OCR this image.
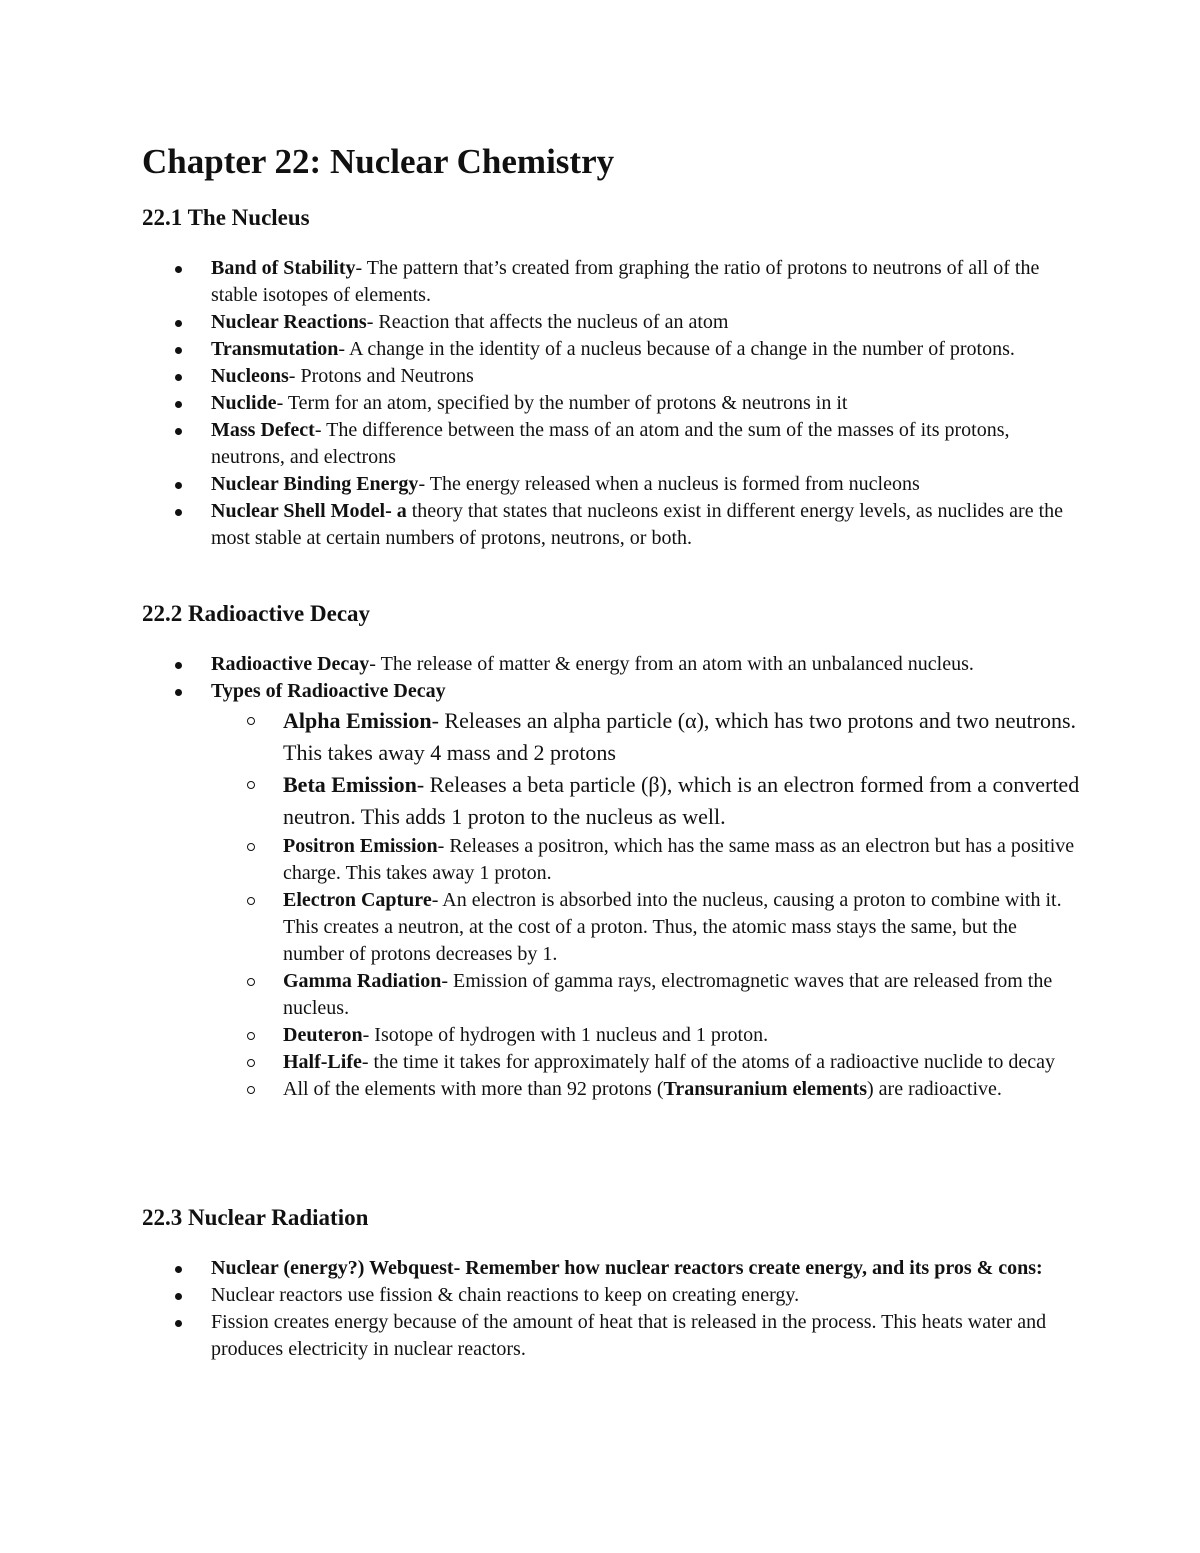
Chapter 22: Nuclear Chemistry
22.1 The Nucleus
Band of Stability- The pattern that’s created from graphing the ratio of protons to neutrons of all of the stable isotopes of elements.
Nuclear Reactions- Reaction that affects the nucleus of an atom
Transmutation- A change in the identity of a nucleus because of a change in the number of protons.
Nucleons- Protons and Neutrons
Nuclide- Term for an atom, specified by the number of protons & neutrons in it
Mass Defect- The difference between the mass of an atom and the sum of the masses of its protons, neutrons, and electrons
Nuclear Binding Energy- The energy released when a nucleus is formed from nucleons
Nuclear Shell Model- a theory that states that nucleons exist in different energy levels, as nuclides are the most stable at certain numbers of protons, neutrons, or both.
22.2 Radioactive Decay
Radioactive Decay- The release of matter & energy from an atom with an unbalanced nucleus.
Types of Radioactive Decay
Alpha Emission- Releases an alpha particle (α), which has two protons and two neutrons. This takes away 4 mass and 2 protons
Beta Emission- Releases a beta particle (β), which is an electron formed from a converted neutron. This adds 1 proton to the nucleus as well.
Positron Emission- Releases a positron, which has the same mass as an electron but has a positive charge. This takes away 1 proton.
Electron Capture- An electron is absorbed into the nucleus, causing a proton to combine with it. This creates a neutron, at the cost of a proton. Thus, the atomic mass stays the same, but the number of protons decreases by 1.
Gamma Radiation- Emission of gamma rays, electromagnetic waves that are released from the nucleus.
Deuteron- Isotope of hydrogen with 1 nucleus and 1 proton.
Half-Life- the time it takes for approximately half of the atoms of a radioactive nuclide to decay
All of the elements with more than 92 protons (Transuranium elements) are radioactive.
22.3 Nuclear Radiation
Nuclear (energy?) Webquest- Remember how nuclear reactors create energy, and its pros & cons:
Nuclear reactors use fission & chain reactions to keep on creating energy.
Fission creates energy because of the amount of heat that is released in the process. This heats water and produces electricity in nuclear reactors.
